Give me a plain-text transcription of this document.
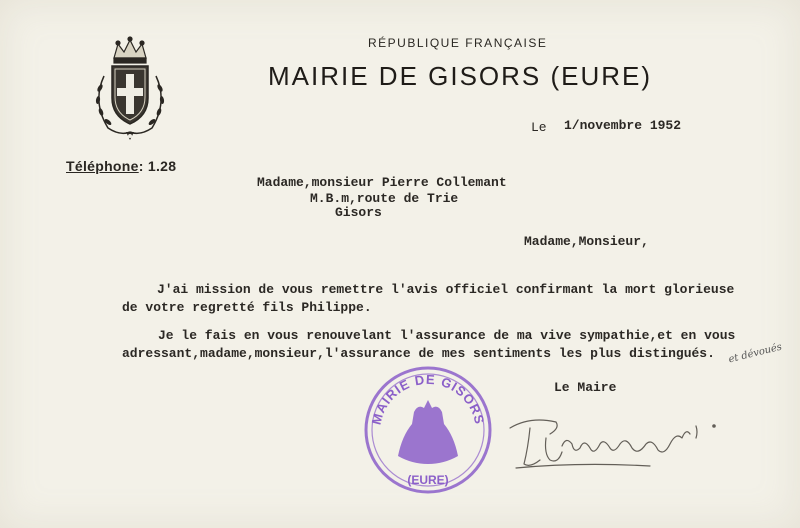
Téléphone: 1.28
RÉPUBLIQUE FRANÇAISE
MAIRIE DE GISORS (EURE)
Le 1/novembre 1952
Madame,monsieur Pierre Collemant
M.B.m,route de Trie
Gisors
Madame,Monsieur,
J'ai mission de vous remettre l'avis officiel confirmant la mort glorieuse
de votre regretté fils Philippe.
Je le fais en vous renouvelant l'assurance de ma vive sympathie,et en vous
adressant,madame,monsieur,l'assurance de mes sentiments les plus distingués. et dévoués
Le Maire
MAIRIE DE GISORS
(EURE)
